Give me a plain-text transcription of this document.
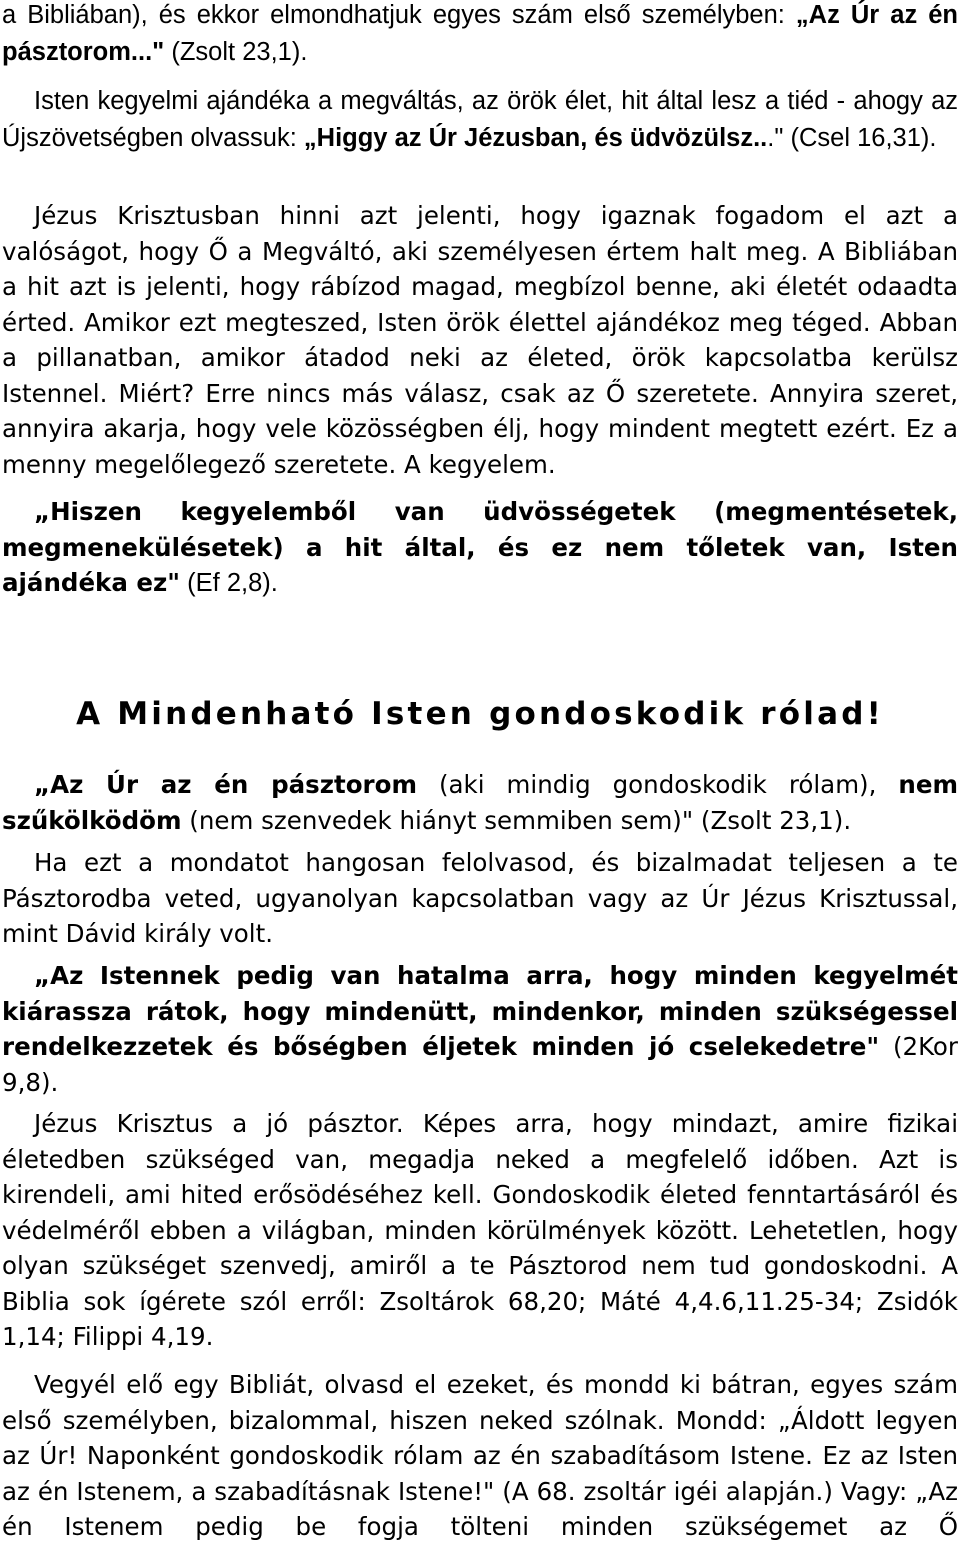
a Bibliában), és ekkor elmondhatjuk egyes szám első személyben: „Az Úr az én pásztorom..." (Zsolt 23,1).

Isten kegyelmi ajándéka a megváltás, az örök élet, hit által lesz a tiéd - ahogy az Újszövetségben olvassuk: „Higgy az Úr Jézusban, és üdvözülsz..." (Csel 16,31).

Jézus Krisztusban hinni azt jelenti, hogy igaznak fogadom el azt a valóságot, hogy Ő a Megváltó, aki személyesen értem halt meg. A Bibliában a hit azt is jelenti, hogy rábízod magad, megbízol benne, aki életét odaadta érted. Amikor ezt megteszed, Isten örök élettel ajándékoz meg téged. Abban a pillanatban, amikor átadod neki az életed, örök kapcsolatba kerülsz Istennel. Miért? Erre nincs más válasz, csak az Ő szeretete. Annyira szeret, annyira akarja, hogy vele közösségben élj, hogy mindent megtett ezért. Ez a menny megelőlegező szeretete. A kegyelem.

„Hiszen kegyelemből van üdvösségetek (megmentésetek, megmenekülésetek) a hit által, és ez nem tőletek van, Isten ajándéka ez" (Ef 2,8).

A Mindenható Isten gondoskodik rólad!

„Az Úr az én pásztorom (aki mindig gondoskodik rólam), nem szűkölködöm (nem szenvedek hiányt semmiben sem)" (Zsolt 23,1).

Ha ezt a mondatot hangosan felolvasod, és bizalmadat teljesen a te Pásztorodba veted, ugyanolyan kapcsolatban vagy az Úr Jézus Krisztussal, mint Dávid király volt.

„Az Istennek pedig van hatalma arra, hogy minden kegyelmét kiárassza rátok, hogy mindenütt, mindenkor, minden szükségessel rendelkezzetek és bőségben éljetek minden jó cselekedetre" (2Kor 9,8).

Jézus Krisztus a jó pásztor. Képes arra, hogy mindazt, amire fizikai életedben szükséged van, megadja neked a megfelelő időben. Azt is kirendeli, ami hited erősödéséhez kell. Gondoskodik életed fenntartásáról és védelméről ebben a világban, minden körülmények között. Lehetetlen, hogy olyan szükséget szenvedj, amiről a te Pásztorod nem tud gondoskodni. A Biblia sok ígérete szól erről: Zsoltárok 68,20; Máté 4,4.6,11.25-34; Zsidók 1,14; Filippi 4,19.

Vegyél elő egy Bibliát, olvasd el ezeket, és mondd ki bátran, egyes szám első személyben, bizalommal, hiszen neked szólnak. Mondd: „Áldott legyen az Úr! Naponként gondoskodik rólam az én szabadításom Istene. Ez az Isten az én Istenem, a szabadításnak Istene!" (A 68. zsoltár igéi alapján.) Vagy: „Az én Istenem pedig be fogja tölteni minden szükségemet az Ő
